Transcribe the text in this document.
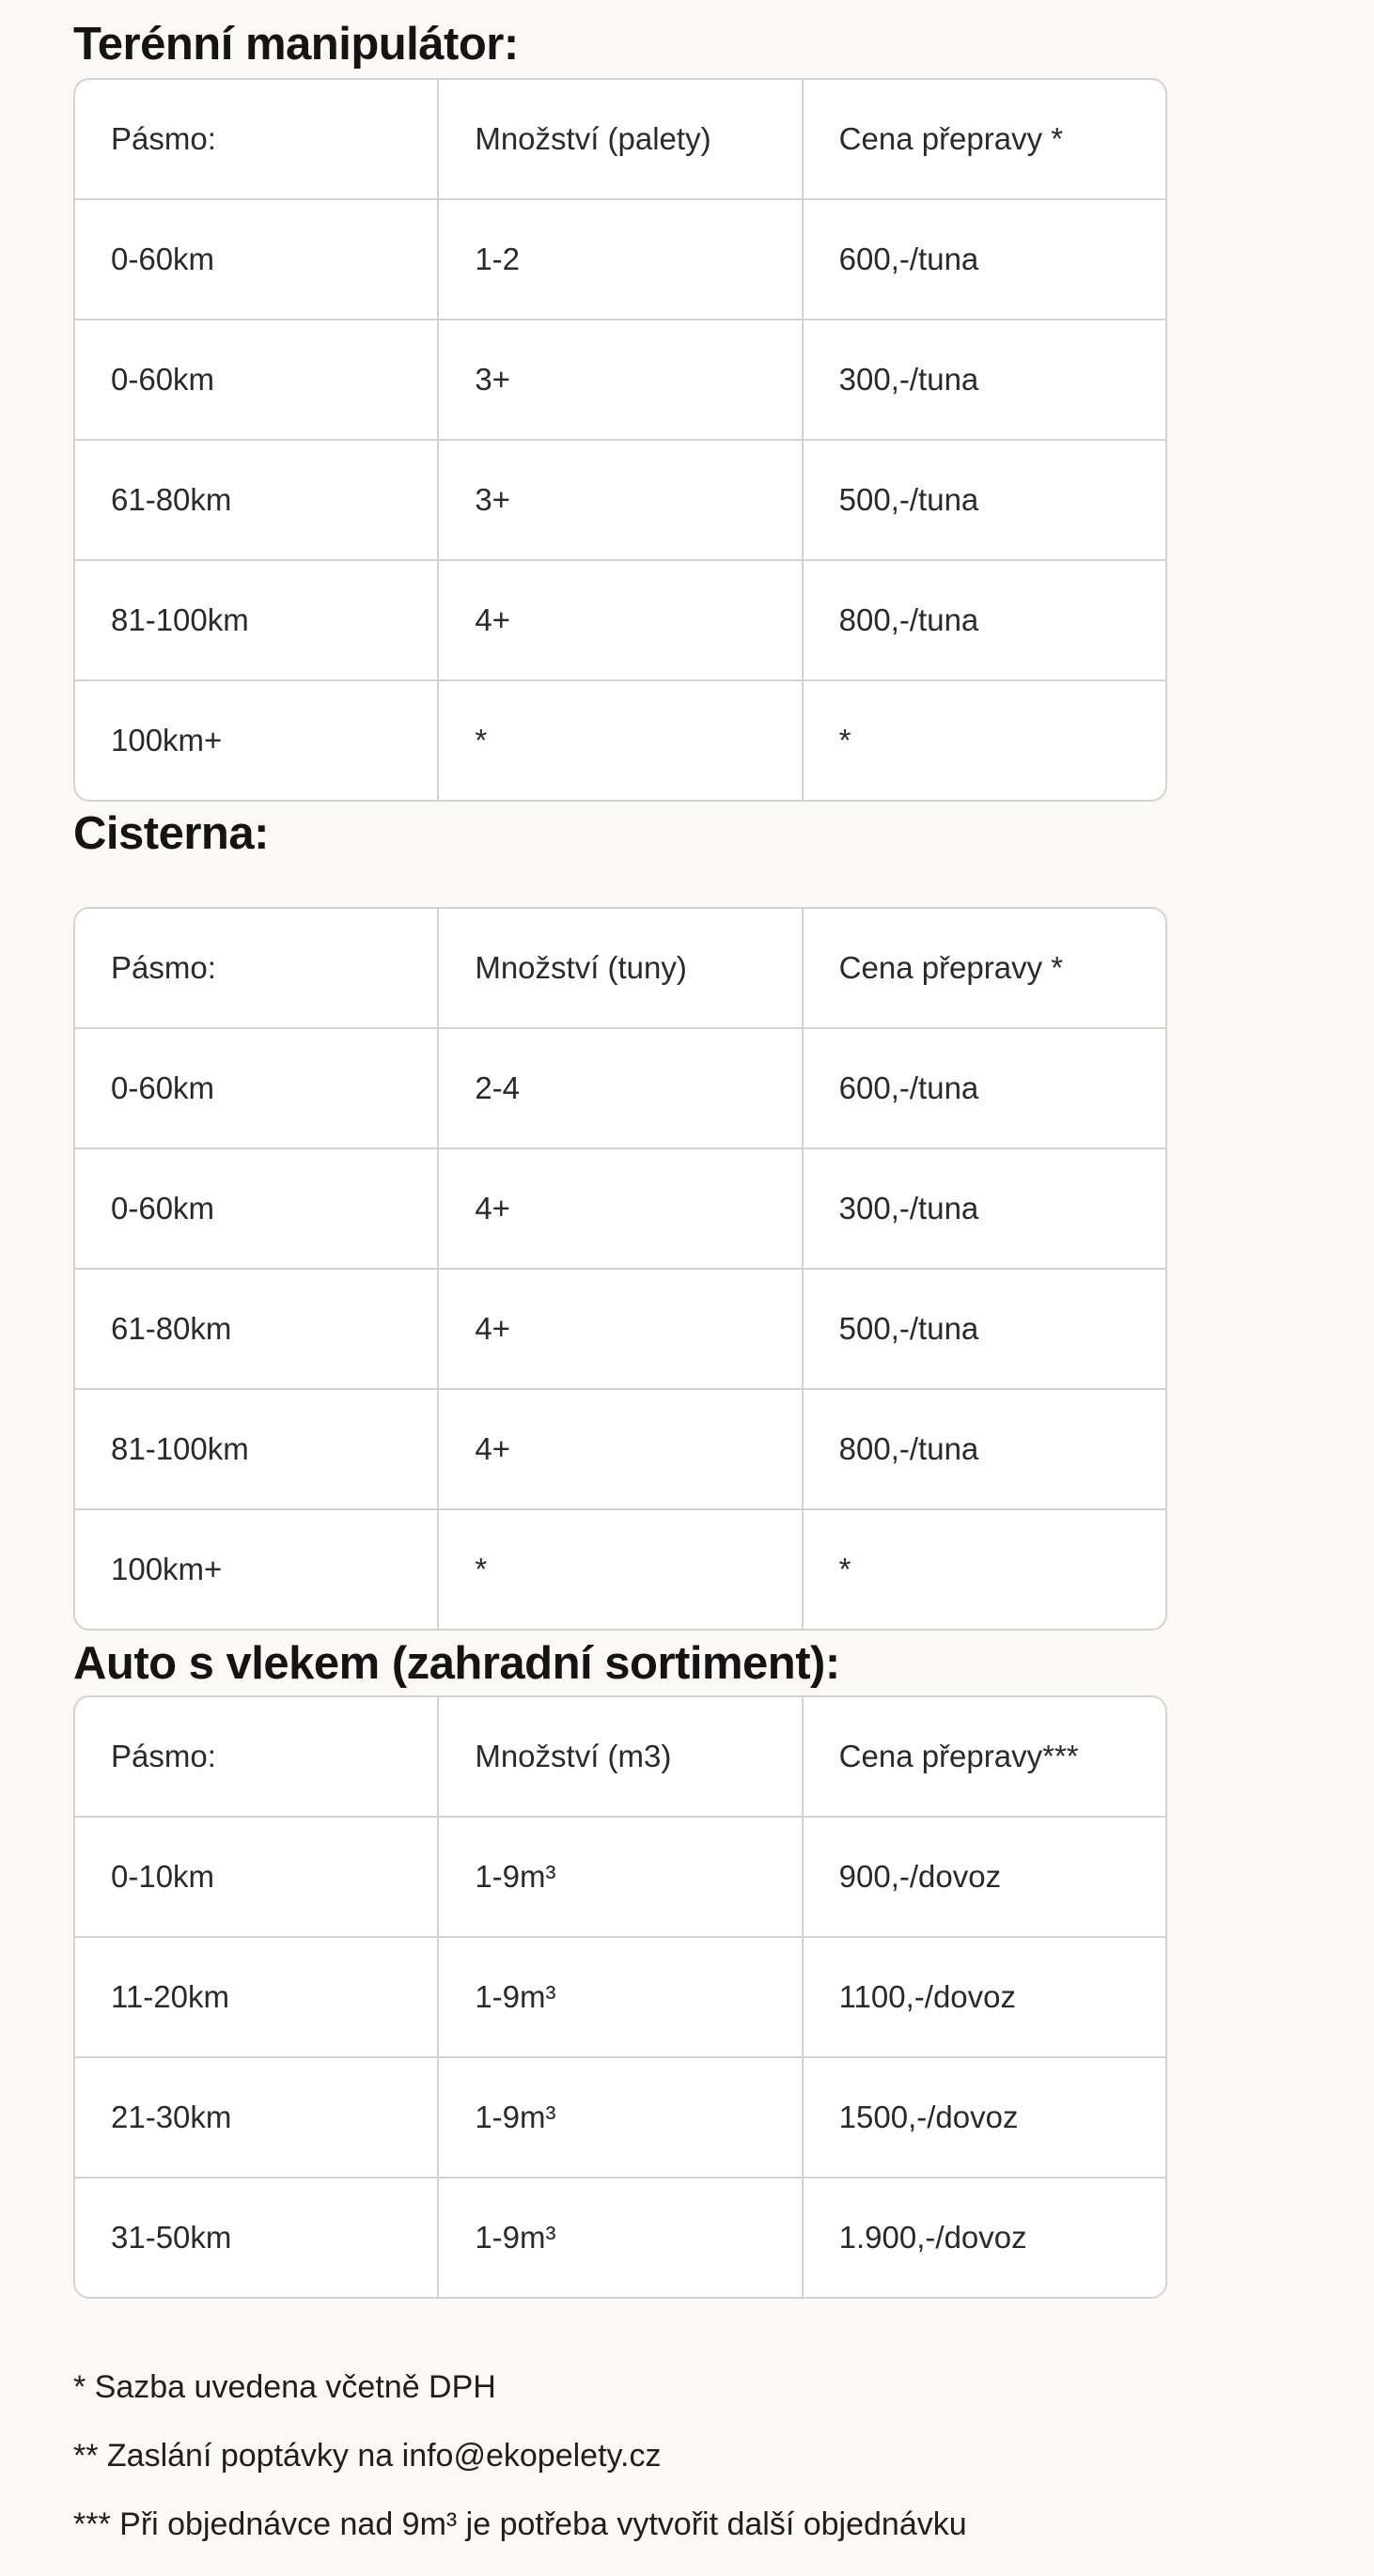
Terénní manipulátor:
Pásmo:	Množství (palety)	Cena přepravy *
0-60km	1-2	600,-/tuna
0-60km	3+	300,-/tuna
61-80km	3+	500,-/tuna
81-100km	4+	800,-/tuna
100km+	*	*
Cisterna:
Pásmo:	Množství (tuny)	Cena přepravy *
0-60km	2-4	600,-/tuna
0-60km	4+	300,-/tuna
61-80km	4+	500,-/tuna
81-100km	4+	800,-/tuna
100km+	*	*
Auto s vlekem (zahradní sortiment):
Pásmo:	Množství (m3)	Cena přepravy***
0-10km	1-9m³	900,-/dovoz
11-20km	1-9m³	1100,-/dovoz
21-30km	1-9m³	1500,-/dovoz
31-50km	1-9m³	1.900,-/dovoz

* Sazba uvedena včetně DPH

** Zaslání poptávky na info@ekopelety.cz

*** Při objednávce nad 9m³ je potřeba vytvořit další objednávku
